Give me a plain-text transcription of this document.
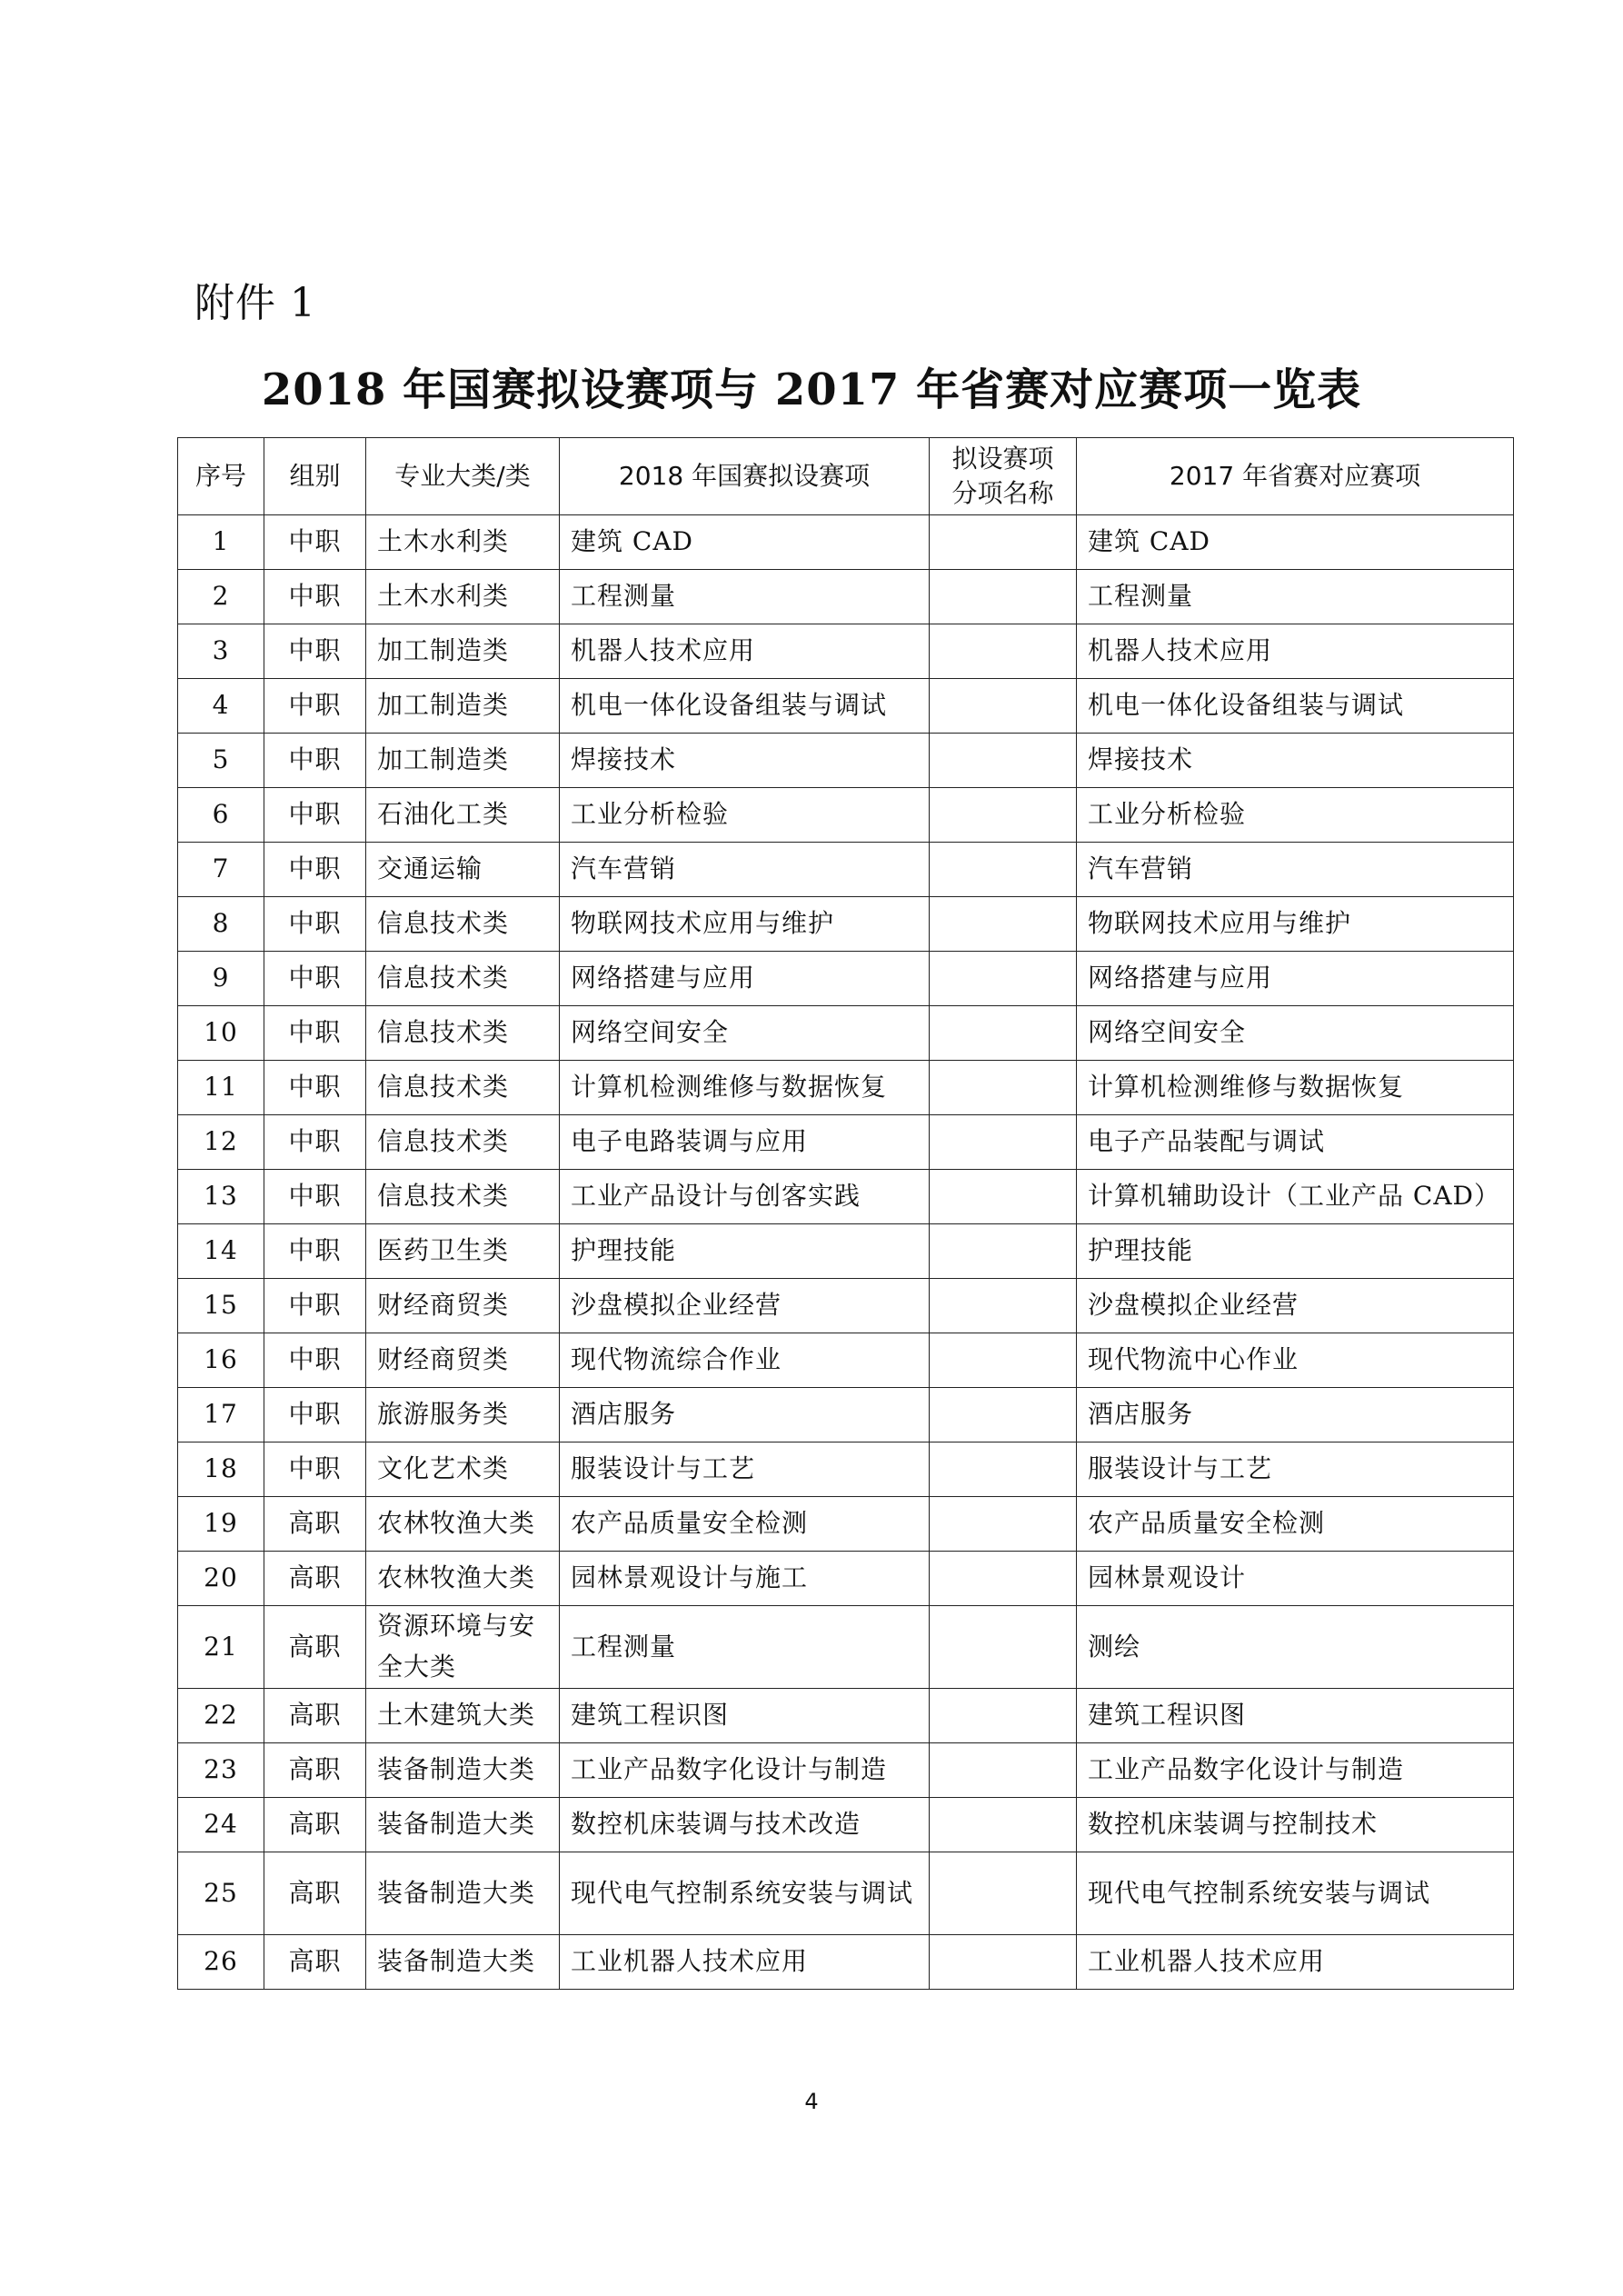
附件 1
2018 年国赛拟设赛项与 2017 年省赛对应赛项一览表
序号	组别	专业大类/类	2018 年国赛拟设赛项	拟设赛项分项名称	2017 年省赛对应赛项
1	中职	土木水利类	建筑 CAD		建筑 CAD
2	中职	土木水利类	工程测量		工程测量
3	中职	加工制造类	机器人技术应用		机器人技术应用
4	中职	加工制造类	机电一体化设备组装与调试		机电一体化设备组装与调试
5	中职	加工制造类	焊接技术		焊接技术
6	中职	石油化工类	工业分析检验		工业分析检验
7	中职	交通运输	汽车营销		汽车营销
8	中职	信息技术类	物联网技术应用与维护		物联网技术应用与维护
9	中职	信息技术类	网络搭建与应用		网络搭建与应用
10	中职	信息技术类	网络空间安全		网络空间安全
11	中职	信息技术类	计算机检测维修与数据恢复		计算机检测维修与数据恢复
12	中职	信息技术类	电子电路装调与应用		电子产品装配与调试
13	中职	信息技术类	工业产品设计与创客实践		计算机辅助设计（工业产品 CAD）
14	中职	医药卫生类	护理技能		护理技能
15	中职	财经商贸类	沙盘模拟企业经营		沙盘模拟企业经营
16	中职	财经商贸类	现代物流综合作业		现代物流中心作业
17	中职	旅游服务类	酒店服务		酒店服务
18	中职	文化艺术类	服装设计与工艺		服装设计与工艺
19	高职	农林牧渔大类	农产品质量安全检测		农产品质量安全检测
20	高职	农林牧渔大类	园林景观设计与施工		园林景观设计
21	高职	资源环境与安全大类	工程测量		测绘
22	高职	土木建筑大类	建筑工程识图		建筑工程识图
23	高职	装备制造大类	工业产品数字化设计与制造		工业产品数字化设计与制造
24	高职	装备制造大类	数控机床装调与技术改造		数控机床装调与控制技术
25	高职	装备制造大类	现代电气控制系统安装与调试		现代电气控制系统安装与调试
26	高职	装备制造大类	工业机器人技术应用		工业机器人技术应用
4
